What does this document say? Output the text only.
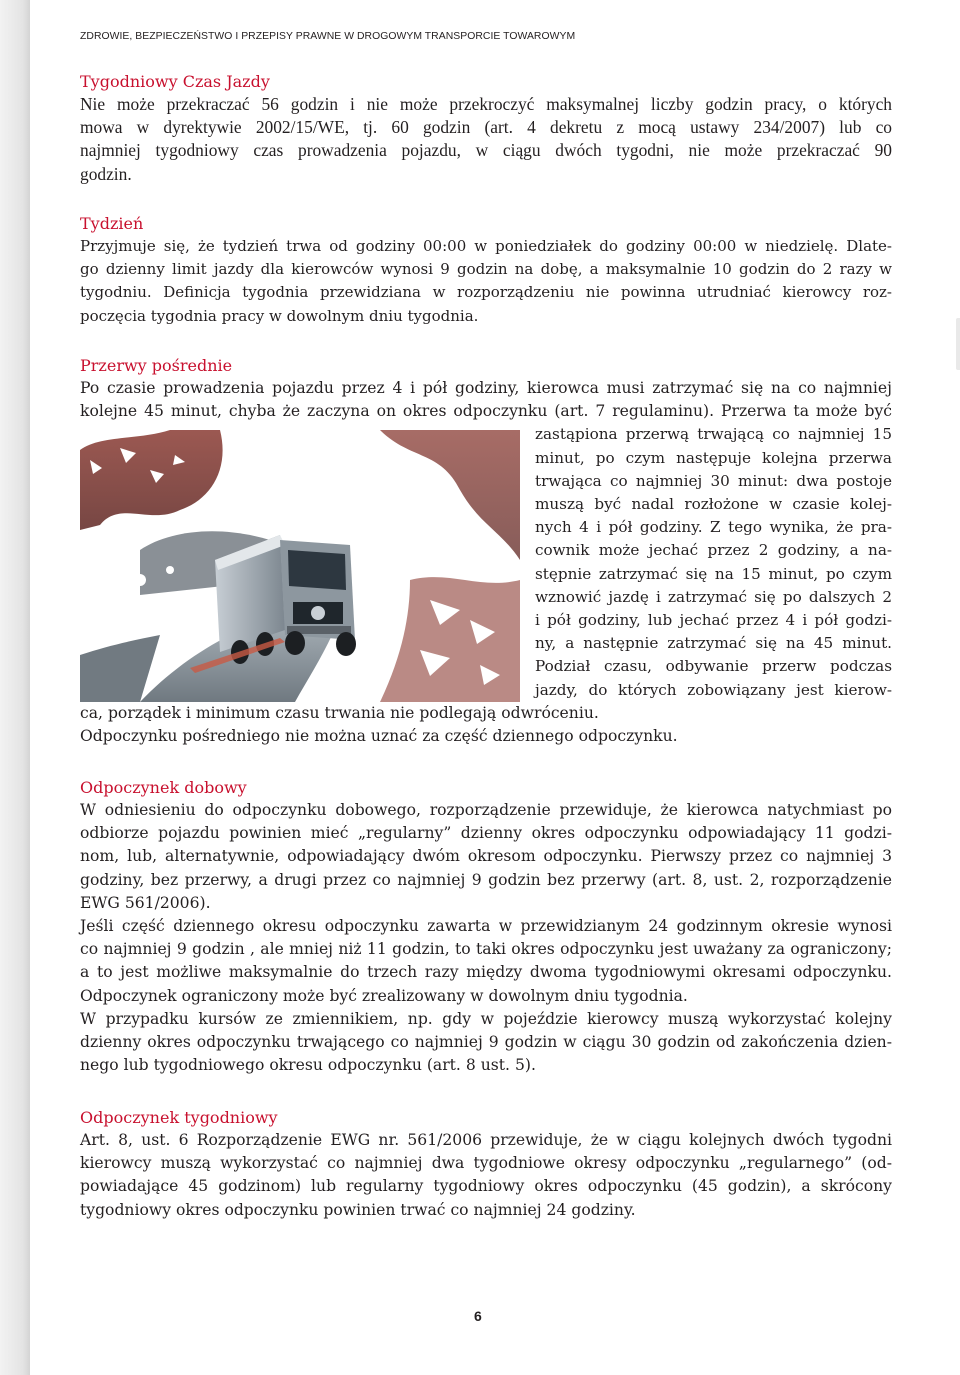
ZDROWIE, BEZPIECZEŃSTWO I PRZEPISY PRAWNE W DROGOWYM TRANSPORCIE TOWAROWYM
Tygodniowy Czas Jazdy
Nie może przekraczać 56 godzin i nie może przekroczyć maksymalnej liczby godzin pracy, o których
mowa w dyrektywie 2002/15/WE, tj. 60 godzin (art. 4 dekretu z mocą ustawy 234/2007) lub co
najmniej tygodniowy czas prowadzenia pojazdu, w ciągu dwóch tygodni, nie może przekraczać 90
godzin.
Tydzień
Przyjmuje się, że tydzień trwa od godziny 00:00 w poniedziałek do godziny 00:00 w niedzielę. Dlate-
go dzienny limit jazdy dla kierowców wynosi 9 godzin na dobę, a maksymalnie 10 godzin do 2 razy w
tygodniu. Definicja tygodnia przewidziana w rozporządzeniu nie powinna utrudniać kierowcy roz-
poczęcia tygodnia pracy w dowolnym dniu tygodnia.
Przerwy pośrednie
Po czasie prowadzenia pojazdu przez 4 i pół godziny, kierowca musi zatrzymać się na co najmniej
kolejne 45 minut, chyba że zaczyna on okres odpoczynku (art. 7 regulaminu). Przerwa ta może być
zastąpiona przerwą trwającą co najmniej 15
minut, po czym następuje kolejna przerwa
trwająca co najmniej 30 minut: dwa postoje
muszą być nadal rozłożone w czasie kolej-
nych 4 i pół godziny. Z tego wynika, że pra-
cownik może jechać przez 2 godziny, a na-
stępnie zatrzymać się na 15 minut, po czym
wznowić jazdę i zatrzymać się po dalszych 2
i pół godziny, lub jechać przez 4 i pół godzi-
ny, a następnie zatrzymać się na 45 minut.
Podział czasu, odbywanie przerw podczas
jazdy, do których zobowiązany jest kierow-
ca, porządek i minimum czasu trwania nie podlegają odwróceniu.
Odpoczynku pośredniego nie można uznać za część dziennego odpoczynku.
Odpoczynek dobowy
W odniesieniu do odpoczynku dobowego, rozporządzenie przewiduje, że kierowca natychmiast po
odbiorze pojazdu powinien mieć „regularny” dzienny okres odpoczynku odpowiadający 11 godzi-
nom, lub, alternatywnie, odpowiadający dwóm okresom odpoczynku. Pierwszy przez co najmniej 3
godziny, bez przerwy, a drugi przez co najmniej 9 godzin bez przerwy (art. 8, ust. 2, rozporządzenie
EWG 561/2006).
Jeśli część dziennego okresu odpoczynku zawarta w przewidzianym 24 godzinnym okresie wynosi
co najmniej 9 godzin , ale mniej niż 11 godzin, to taki okres odpoczynku jest uważany za ograniczony;
a to jest możliwe maksymalnie do trzech razy między dwoma tygodniowymi okresami odpoczynku.
Odpoczynek ograniczony może być zrealizowany w dowolnym dniu tygodnia.
W przypadku kursów ze zmiennikiem, np. gdy w pojeździe kierowcy muszą wykorzystać kolejny
dzienny okres odpoczynku trwającego co najmniej 9 godzin w ciągu 30 godzin od zakończenia dzien-
nego lub tygodniowego okresu odpoczynku (art. 8 ust. 5).
Odpoczynek tygodniowy
Art. 8, ust. 6 Rozporządzenie EWG nr. 561/2006 przewiduje, że w ciągu kolejnych dwóch tygodni
kierowcy muszą wykorzystać co najmniej dwa tygodniowe okresy odpoczynku „regularnego” (od-
powiadające 45 godzinom) lub regularny tygodniowy okres odpoczynku (45 godzin), a skrócony
tygodniowy okres odpoczynku powinien trwać co najmniej 24 godziny.
6
